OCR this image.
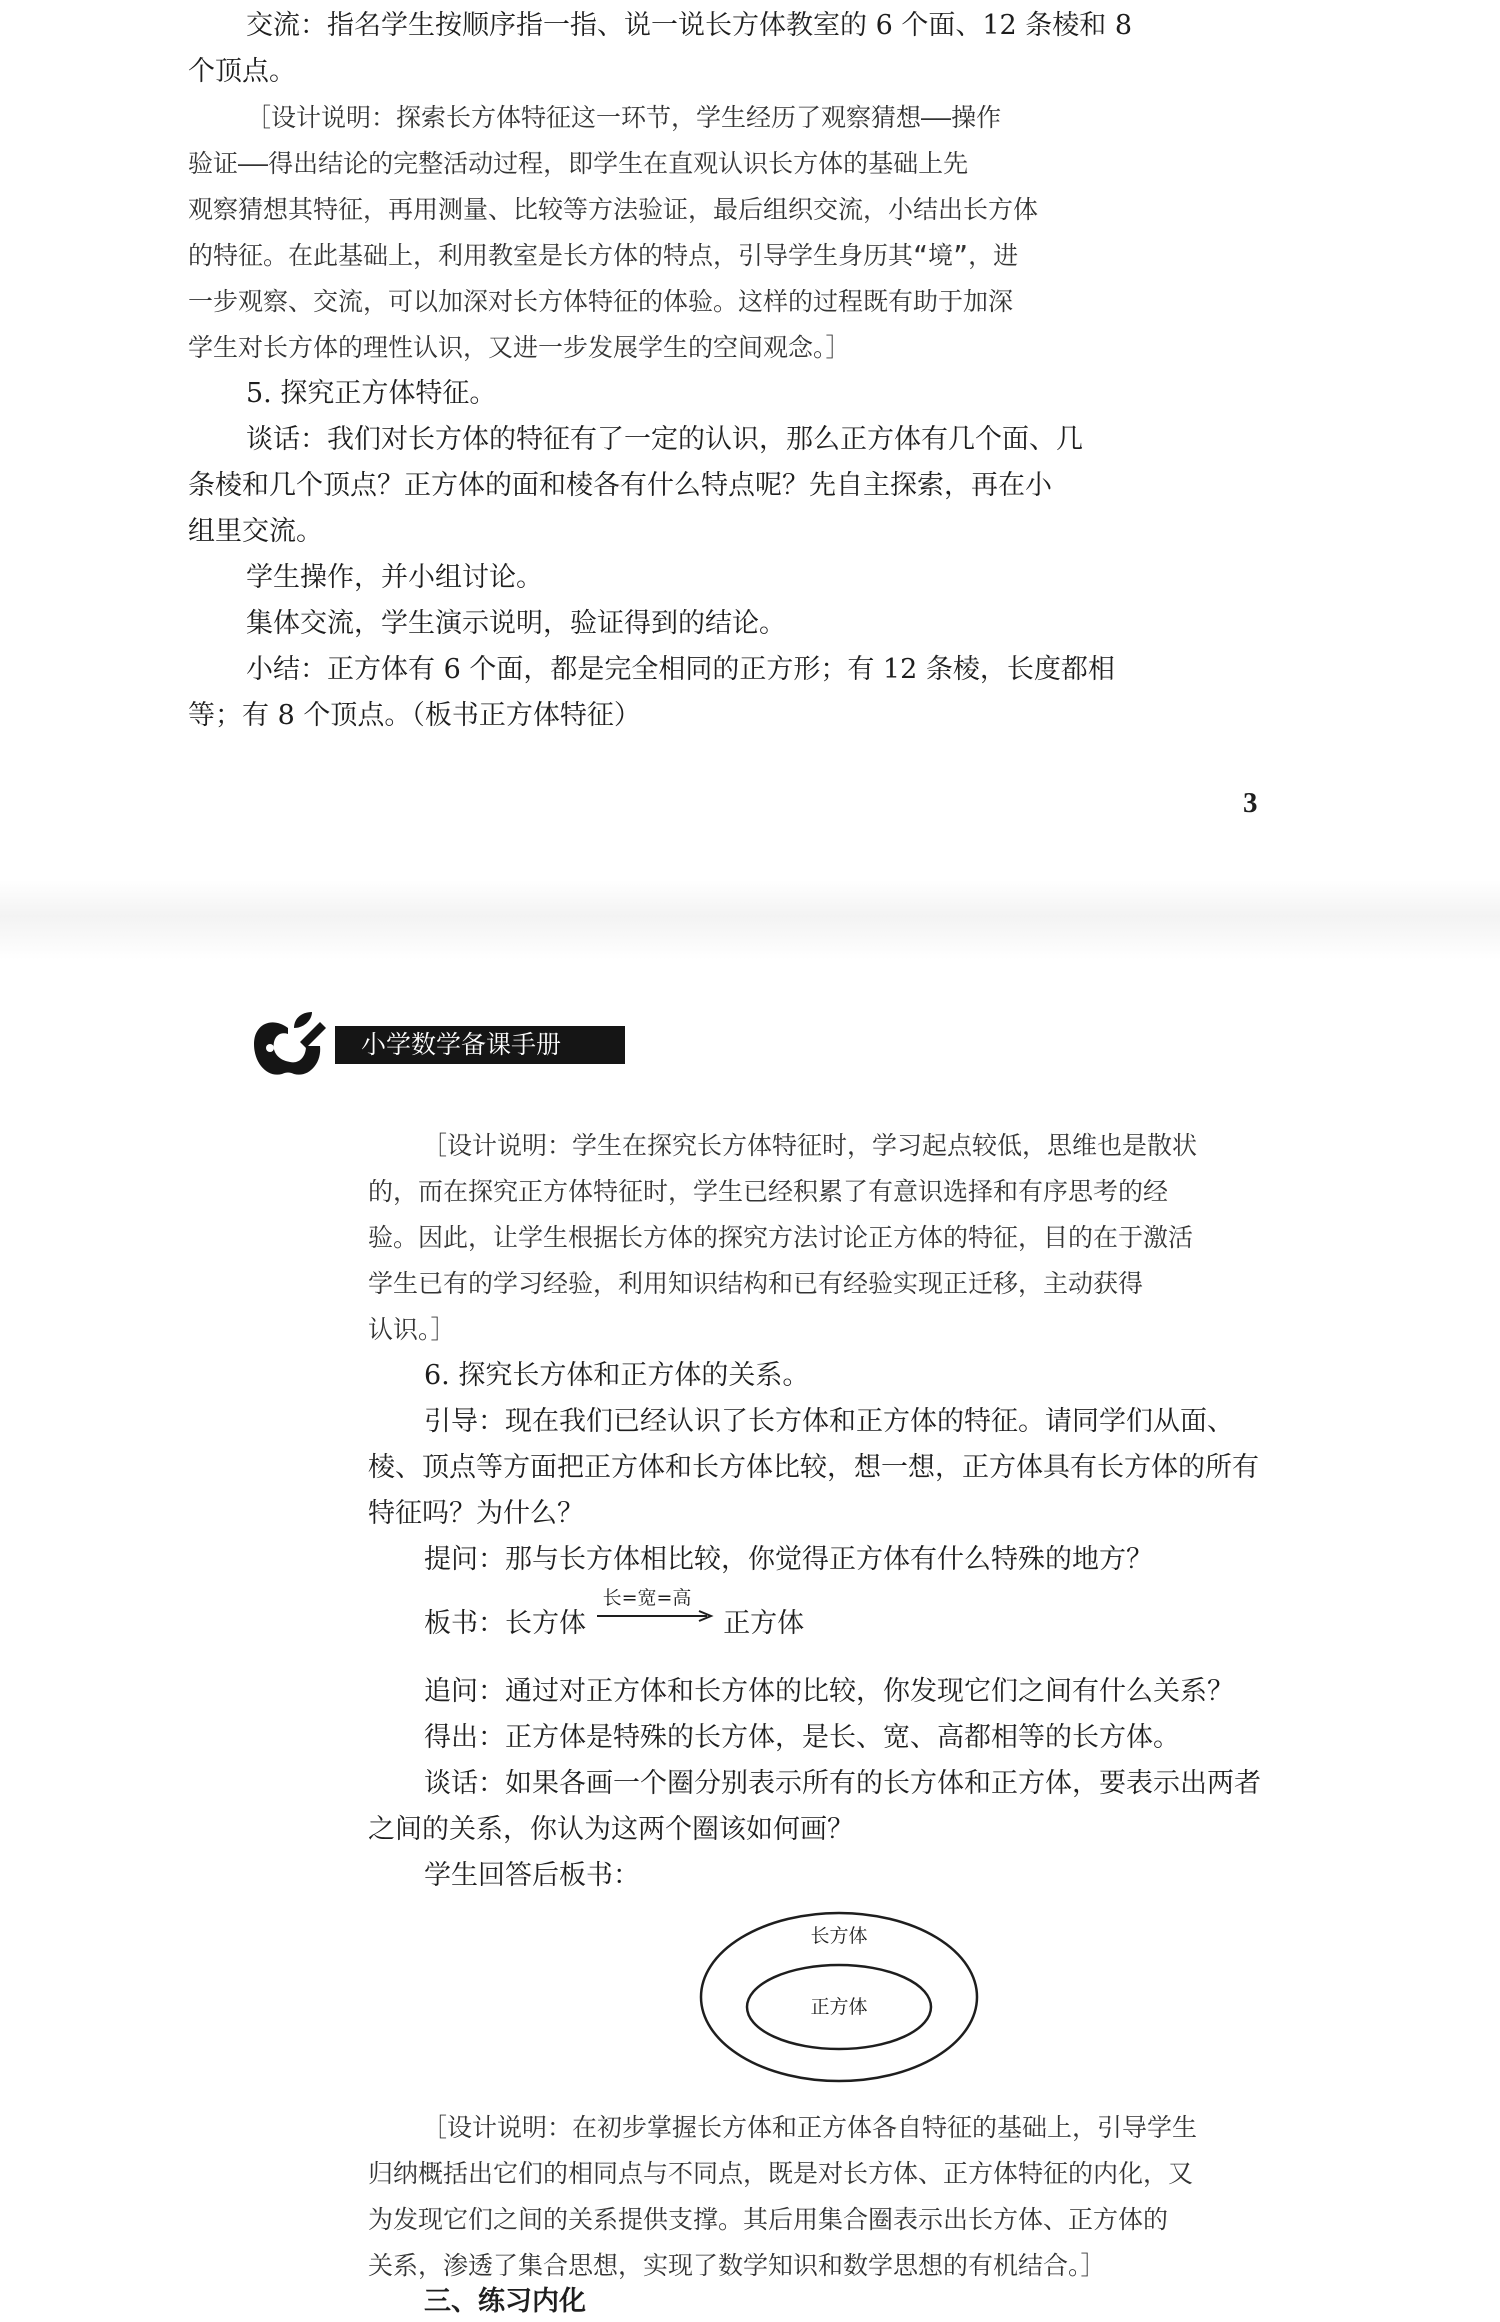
交流：指名学生按顺序指一指、说一说长方体教室的 6 个面、12 条棱和 8
个顶点。
［设计说明：探索长方体特征这一环节，学生经历了观察猜想——操作
验证——得出结论的完整活动过程，即学生在直观认识长方体的基础上先
观察猜想其特征，再用测量、比较等方法验证，最后组织交流，小结出长方体
的特征。在此基础上，利用教室是长方体的特点，引导学生身历其“境”，进
一步观察、交流，可以加深对长方体特征的体验。这样的过程既有助于加深
学生对长方体的理性认识，又进一步发展学生的空间观念。］
5. 探究正方体特征。
谈话：我们对长方体的特征有了一定的认识，那么正方体有几个面、几
条棱和几个顶点？正方体的面和棱各有什么特点呢？先自主探索，再在小
组里交流。
学生操作，并小组讨论。
集体交流，学生演示说明，验证得到的结论。
小结：正方体有 6 个面，都是完全相同的正方形；有 12 条棱，长度都相
等；有 8 个顶点。（板书正方体特征）
3
小学数学备课手册
［设计说明：学生在探究长方体特征时，学习起点较低，思维也是散状
的，而在探究正方体特征时，学生已经积累了有意识选择和有序思考的经
验。因此，让学生根据长方体的探究方法讨论正方体的特征，目的在于激活
学生已有的学习经验，利用知识结构和已有经验实现正迁移，主动获得
认识。］
6. 探究长方体和正方体的关系。
引导：现在我们已经认识了长方体和正方体的特征。请同学们从面、
棱、顶点等方面把正方体和长方体比较，想一想，正方体具有长方体的所有
特征吗？为什么？
提问：那与长方体相比较，你觉得正方体有什么特殊的地方？
板书：长方体
长=宽=高
正方体
追问：通过对正方体和长方体的比较，你发现它们之间有什么关系？
得出：正方体是特殊的长方体，是长、宽、高都相等的长方体。
谈话：如果各画一个圈分别表示所有的长方体和正方体，要表示出两者
之间的关系，你认为这两个圈该如何画？
学生回答后板书：
长方体
正方体
［设计说明：在初步掌握长方体和正方体各自特征的基础上，引导学生
归纳概括出它们的相同点与不同点，既是对长方体、正方体特征的内化，又
为发现它们之间的关系提供支撑。其后用集合圈表示出长方体、正方体的
关系，渗透了集合思想，实现了数学知识和数学思想的有机结合。］
三、练习内化
